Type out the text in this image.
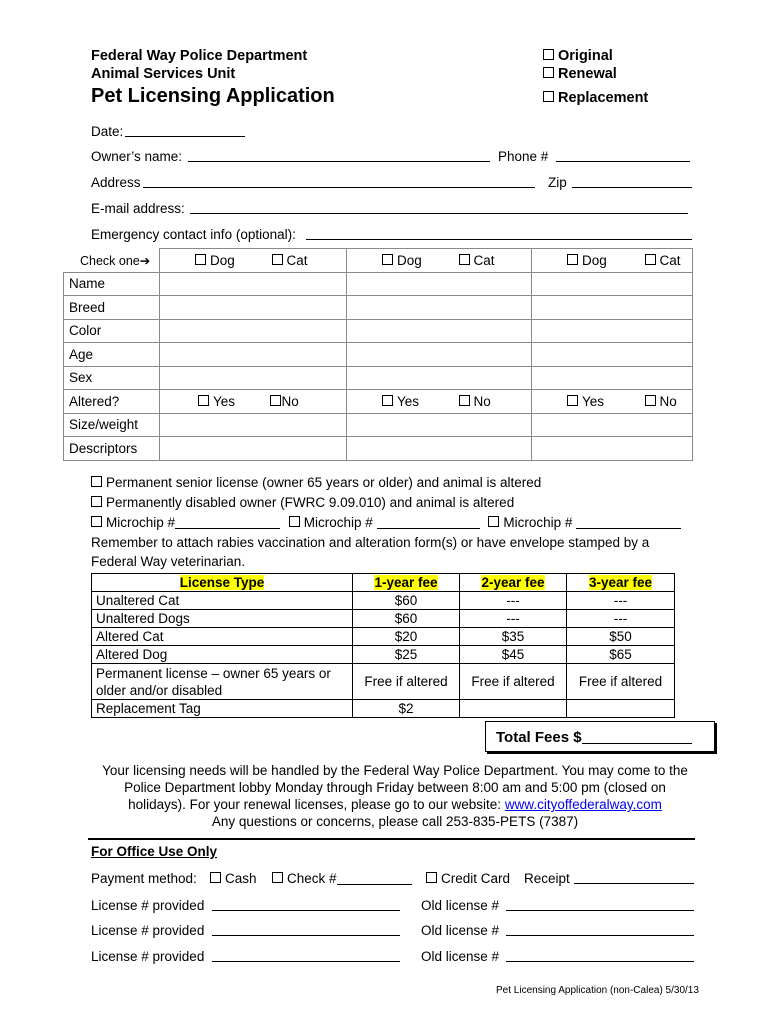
Federal Way Police Department
Animal Services Unit
Pet Licensing Application
Original
Renewal
Replacement
Date:
Owner’s name:	Phone #
Address	Zip
E-mail address:
Emergency contact info (optional):
Check one➔
		Dog	Cat	Dog	Cat	Dog	Cat
Name						
Breed						
Color						
Age						
Sex						
Altered?	Yes	No	Yes	No	Yes	No
Size/weight						
Descriptors						
Permanent senior license (owner 65 years or older) and animal is altered
Permanently disabled owner (FWRC 9.09.010) and animal is altered
Microchip #	Microchip #	Microchip #
Remember to attach rabies vaccination and alteration form(s) or have envelope stamped by a
Federal Way veterinarian.
License Type	1-year fee	2-year fee	3-year fee
Unaltered Cat	$60	---	---
Unaltered Dogs	$60	---	---
Altered Cat	$20	$35	$50
Altered Dog	$25	$45	$65
Permanent license – owner 65 years or
older and/or disabled	Free if altered	Free if altered	Free if altered
Replacement Tag	$2		
Total Fees $
Your licensing needs will be handled by the Federal Way Police Department. You may come to the
Police Department lobby Monday through Friday between 8:00 am and 5:00 pm (closed on
holidays). For your renewal licenses, please go to our website: www.cityoffederalway.com
Any questions or concerns, please call 253-835-PETS (7387)
For Office Use Only
Payment method:	Cash	Check #	Credit Card Receipt
License # provided	Old license #
License # provided	Old license #
License # provided	Old license #
Pet Licensing Application (non-Calea) 5/30/13
